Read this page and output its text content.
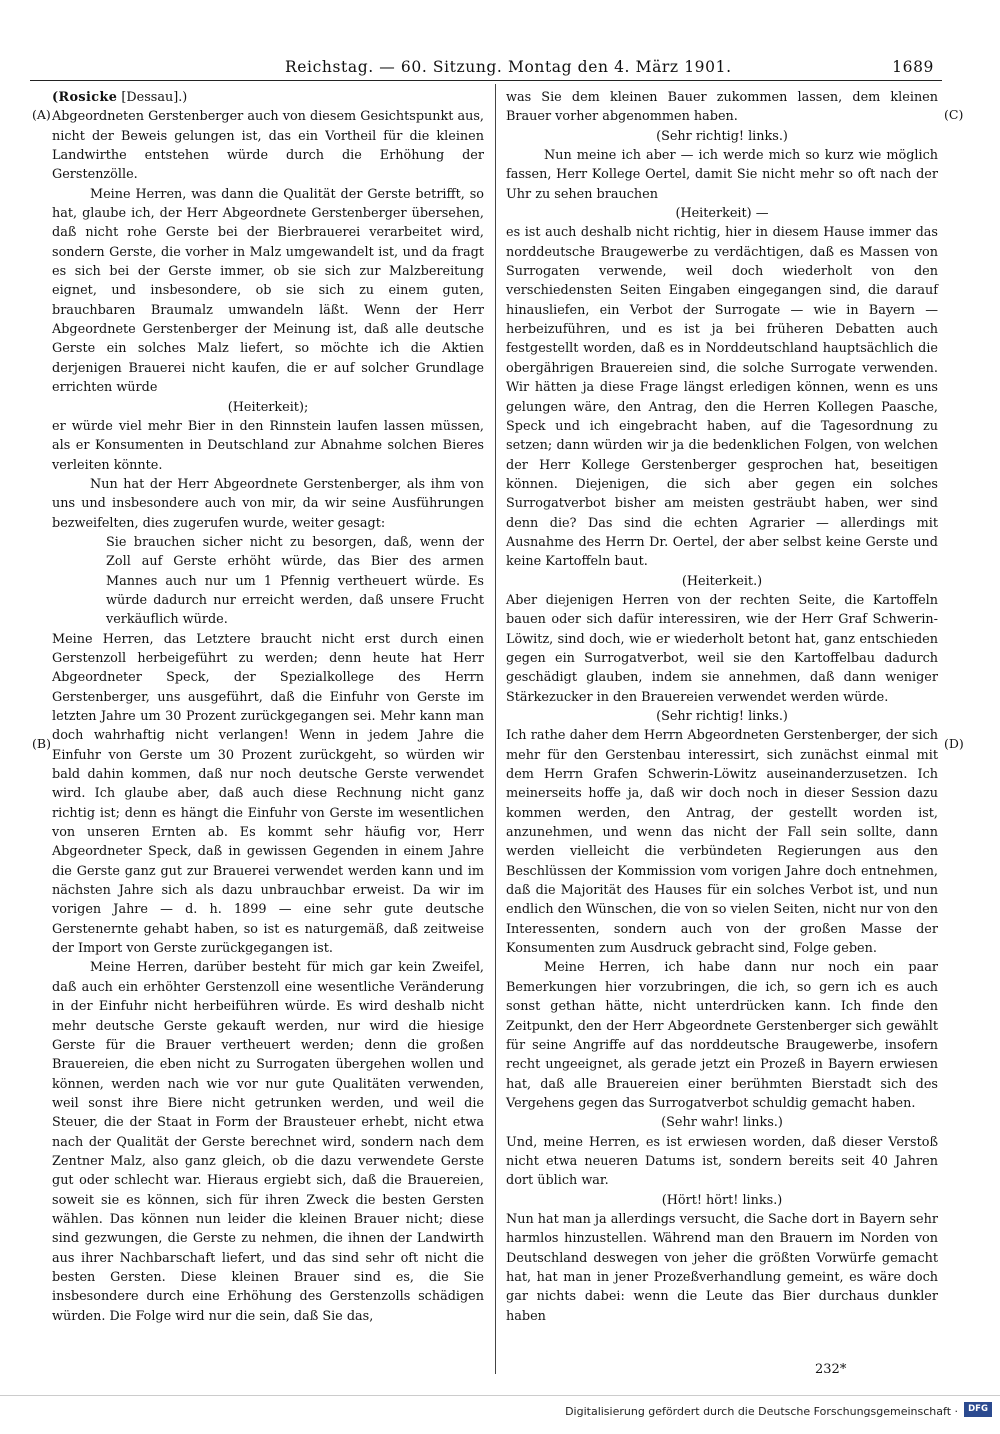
Reichstag. — 60. Sitzung. Montag den 4. März 1901.	1689
(A)
(B)
(C)
(D)

(Rosicke [Dessau].)

Abgeordneten Gerstenberger auch von diesem Gesichtspunkt aus, nicht der Beweis gelungen ist, das ein Vortheil für die kleinen Landwirthe entstehen würde durch die Erhöhung der Gerstenzölle.

Meine Herren, was dann die Qualität der Gerste betrifft, so hat, glaube ich, der Herr Abgeordnete Gerstenberger übersehen, daß nicht rohe Gerste bei der Bierbrauerei verarbeitet wird, sondern Gerste, die vorher in Malz umgewandelt ist, und da fragt es sich bei der Gerste immer, ob sie sich zur Malzbereitung eignet, und insbesondere, ob sie sich zu einem guten, brauchbaren Braumalz umwandeln läßt. Wenn der Herr Abgeordnete Gerstenberger der Meinung ist, daß alle deutsche Gerste ein solches Malz liefert, so möchte ich die Aktien derjenigen Brauerei nicht kaufen, die er auf solcher Grundlage errichten würde

(Heiterkeit);

er würde viel mehr Bier in den Rinnstein laufen lassen müssen, als er Konsumenten in Deutschland zur Abnahme solchen Bieres verleiten könnte.

Nun hat der Herr Abgeordnete Gerstenberger, als ihm von uns und insbesondere auch von mir, da wir seine Ausführungen bezweifelten, dies zugerufen wurde, weiter gesagt:

Sie brauchen sicher nicht zu besorgen, daß, wenn der Zoll auf Gerste erhöht würde, das Bier des armen Mannes auch nur um 1 Pfennig vertheuert würde. Es würde dadurch nur erreicht werden, daß unsere Frucht verkäuflich würde.

Meine Herren, das Letztere braucht nicht erst durch einen Gerstenzoll herbeigeführt zu werden; denn heute hat Herr Abgeordneter Speck, der Spezialkollege des Herrn Gerstenberger, uns ausgeführt, daß die Einfuhr von Gerste im letzten Jahre um 30 Prozent zurückgegangen sei. Mehr kann man doch wahrhaftig nicht verlangen! Wenn in jedem Jahre die Einfuhr von Gerste um 30 Prozent zurückgeht, so würden wir bald dahin kommen, daß nur noch deutsche Gerste verwendet wird. Ich glaube aber, daß auch diese Rechnung nicht ganz richtig ist; denn es hängt die Einfuhr von Gerste im wesentlichen von unseren Ernten ab. Es kommt sehr häufig vor, Herr Abgeordneter Speck, daß in gewissen Gegenden in einem Jahre die Gerste ganz gut zur Brauerei verwendet werden kann und im nächsten Jahre sich als dazu unbrauchbar erweist. Da wir im vorigen Jahre — d. h. 1899 — eine sehr gute deutsche Gerstenernte gehabt haben, so ist es naturgemäß, daß zeitweise der Import von Gerste zurückgegangen ist.

Meine Herren, darüber besteht für mich gar kein Zweifel, daß auch ein erhöhter Gerstenzoll eine wesentliche Veränderung in der Einfuhr nicht herbeiführen würde. Es wird deshalb nicht mehr deutsche Gerste gekauft werden, nur wird die hiesige Gerste für die Brauer vertheuert werden; denn die großen Brauereien, die eben nicht zu Surrogaten übergehen wollen und können, werden nach wie vor nur gute Qualitäten verwenden, weil sonst ihre Biere nicht getrunken werden, und weil die Steuer, die der Staat in Form der Brausteuer erhebt, nicht etwa nach der Qualität der Gerste berechnet wird, sondern nach dem Zentner Malz, also ganz gleich, ob die dazu verwendete Gerste gut oder schlecht war. Hieraus ergiebt sich, daß die Brauereien, soweit sie es können, sich für ihren Zweck die besten Gersten wählen. Das können nun leider die kleinen Brauer nicht; diese sind gezwungen, die Gerste zu nehmen, die ihnen der Landwirth aus ihrer Nachbarschaft liefert, und das sind sehr oft nicht die besten Gersten. Diese kleinen Brauer sind es, die Sie insbesondere durch eine Erhöhung des Gerstenzolls schädigen würden. Die Folge wird nur die sein, daß Sie das,

was Sie dem kleinen Bauer zukommen lassen, dem kleinen Brauer vorher abgenommen haben.

(Sehr richtig! links.)

Nun meine ich aber — ich werde mich so kurz wie möglich fassen, Herr Kollege Oertel, damit Sie nicht mehr so oft nach der Uhr zu sehen brauchen

(Heiterkeit) —

es ist auch deshalb nicht richtig, hier in diesem Hause immer das norddeutsche Braugewerbe zu verdächtigen, daß es Massen von Surrogaten verwende, weil doch wiederholt von den verschiedensten Seiten Eingaben eingegangen sind, die darauf hinausliefen, ein Verbot der Surrogate — wie in Bayern — herbeizuführen, und es ist ja bei früheren Debatten auch festgestellt worden, daß es in Norddeutschland hauptsächlich die obergährigen Brauereien sind, die solche Surrogate verwenden. Wir hätten ja diese Frage längst erledigen können, wenn es uns gelungen wäre, den Antrag, den die Herren Kollegen Paasche, Speck und ich eingebracht haben, auf die Tagesordnung zu setzen; dann würden wir ja die bedenklichen Folgen, von welchen der Herr Kollege Gerstenberger gesprochen hat, beseitigen können. Diejenigen, die sich aber gegen ein solches Surrogatverbot bisher am meisten gesträubt haben, wer sind denn die? Das sind die echten Agrarier — allerdings mit Ausnahme des Herrn Dr. Oertel, der aber selbst keine Gerste und keine Kartoffeln baut.

(Heiterkeit.)

Aber diejenigen Herren von der rechten Seite, die Kartoffeln bauen oder sich dafür interessiren, wie der Herr Graf Schwerin-Löwitz, sind doch, wie er wiederholt betont hat, ganz entschieden gegen ein Surrogatverbot, weil sie den Kartoffelbau dadurch geschädigt glauben, indem sie annehmen, daß dann weniger Stärkezucker in den Brauereien verwendet werden würde.

(Sehr richtig! links.)

Ich rathe daher dem Herrn Abgeordneten Gerstenberger, der sich mehr für den Gerstenbau interessirt, sich zunächst einmal mit dem Herrn Grafen Schwerin-Löwitz auseinanderzusetzen. Ich meinerseits hoffe ja, daß wir doch noch in dieser Session dazu kommen werden, den Antrag, der gestellt worden ist, anzunehmen, und wenn das nicht der Fall sein sollte, dann werden vielleicht die verbündeten Regierungen aus den Beschlüssen der Kommission vom vorigen Jahre doch entnehmen, daß die Majorität des Hauses für ein solches Verbot ist, und nun endlich den Wünschen, die von so vielen Seiten, nicht nur von den Interessenten, sondern auch von der großen Masse der Konsumenten zum Ausdruck gebracht sind, Folge geben.

Meine Herren, ich habe dann nur noch ein paar Bemerkungen hier vorzubringen, die ich, so gern ich es auch sonst gethan hätte, nicht unterdrücken kann. Ich finde den Zeitpunkt, den der Herr Abgeordnete Gerstenberger sich gewählt für seine Angriffe auf das norddeutsche Braugewerbe, insofern recht ungeeignet, als gerade jetzt ein Prozeß in Bayern erwiesen hat, daß alle Brauereien einer berühmten Bierstadt sich des Vergehens gegen das Surrogatverbot schuldig gemacht haben.

(Sehr wahr! links.)

Und, meine Herren, es ist erwiesen worden, daß dieser Verstoß nicht etwa neueren Datums ist, sondern bereits seit 40 Jahren dort üblich war.

(Hört! hört! links.)

Nun hat man ja allerdings versucht, die Sache dort in Bayern sehr harmlos hinzustellen. Während man den Brauern im Norden von Deutschland deswegen von jeher die größten Vorwürfe gemacht hat, hat man in jener Prozeßverhandlung gemeint, es wäre doch gar nichts dabei: wenn die Leute das Bier durchaus dunkler haben

232*
Digitalisierung gefördert durch die Deutsche Forschungsgemeinschaft ·	DFG
